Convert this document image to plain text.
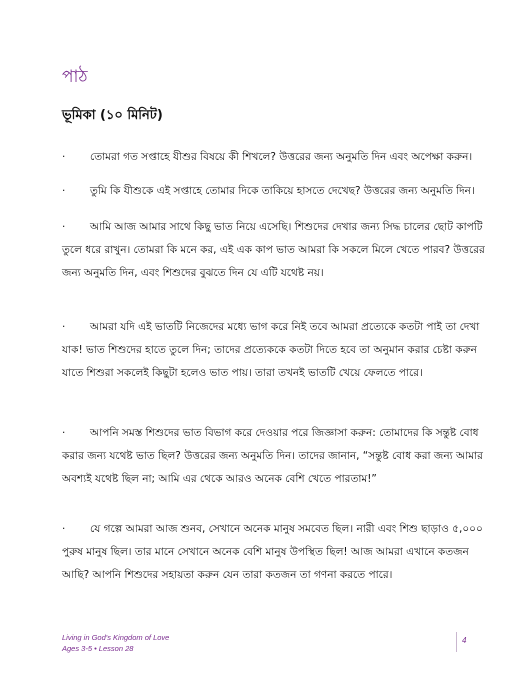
পাঠ
ভূমিকা (১০ মিনিট)
· তোমরা গত সপ্তাহে যীশুর বিষয়ে কী শিখলে? উত্তরের জন্য অনুমতি দিন এবং অপেক্ষা করুন।
· তুমি কি যীশুকে এই সপ্তাহে তোমার দিকে তাকিয়ে হাসতে দেখেছ? উত্তরের জন্য অনুমতি দিন।
· আমি আজ আমার সাথে কিছু ভাত নিয়ে এসেছি। শিশুদের দেখার জন্য সিদ্ধ চালের ছোট কাপটি তুলে ধরে রাখুন। তোমরা কি মনে কর, এই এক কাপ ভাত আমরা কি সকলে মিলে খেতে পারব? উত্তরের জন্য অনুমতি দিন, এবং শিশুদের বুঝতে দিন যে এটি যথেষ্ট নয়।
· আমরা যদি এই ভাতটি নিজেদের মধ্যে ভাগ করে নিই তবে আমরা প্রত্যেকে কতটা পাই তা দেখা যাক! ভাত শিশুদের হাতে তুলে দিন; তাদের প্রত্যেককে কতটা দিতে হবে তা অনুমান করার চেষ্টা করুন যাতে শিশুরা সকলেই কিছুটা হলেও ভাত পায়। তারা তখনই ভাতটি খেয়ে ফেলতে পারে।
· আপনি সমস্ত শিশুদের ভাত বিভাগ করে দেওয়ার পরে জিজ্ঞাসা করুন: তোমাদের কি সন্তুষ্ট বোধ করার জন্য যথেষ্ট ভাত ছিল? উত্তরের জন্য অনুমতি দিন। তাদের জানান, “সন্তুষ্ট বোধ করা জন্য আমার অবশ্যই যথেষ্ট ছিল না; আমি এর থেকে আরও অনেক বেশি খেতে পারতাম!”
· যে গল্পে আমরা আজ শুনব, সেখানে অনেক মানুষ সমবেত ছিল। নারী এবং শিশু ছাড়াও ৫,০০০ পুরুষ মানুষ ছিল। তার মানে সেখানে অনেক বেশি মানুষ উপস্থিত ছিল! আজ আমরা এখানে কতজন আছি? আপনি শিশুদের সহায়তা করুন যেন তারা কতজন তা গণনা করতে পারে।
Living in God's Kingdom of Love
Ages 3-5 • Lesson 28
4
